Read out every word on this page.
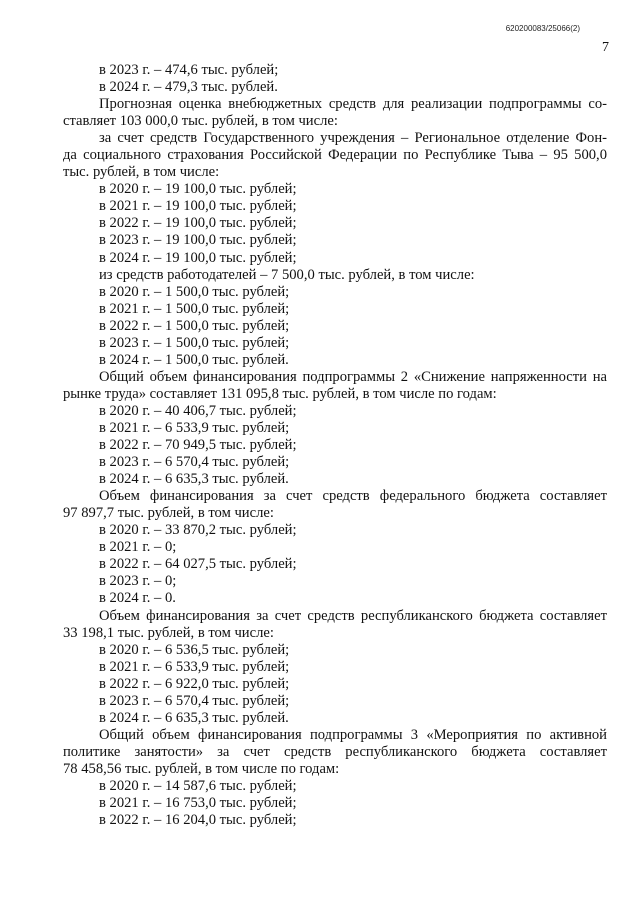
620200083/25066(2)
7
в 2023 г. – 474,6 тыс. рублей;
в 2024 г. – 479,3 тыс. рублей.
Прогнозная оценка внебюджетных средств для реализации подпрограммы со-
ставляет 103 000,0 тыс. рублей, в том числе:
за счет средств Государственного учреждения – Региональное отделение Фон-
да социального страхования Российской Федерации по Республике Тыва – 95 500,0
тыс. рублей, в том числе:
в 2020 г. – 19 100,0 тыс. рублей;
в 2021 г. – 19 100,0 тыс. рублей;
в 2022 г. – 19 100,0 тыс. рублей;
в 2023 г. – 19 100,0 тыс. рублей;
в 2024 г. – 19 100,0 тыс. рублей;
из средств работодателей – 7 500,0 тыс. рублей, в том числе:
в 2020 г. – 1 500,0 тыс. рублей;
в 2021 г. – 1 500,0 тыс. рублей;
в 2022 г. – 1 500,0 тыс. рублей;
в 2023 г. – 1 500,0 тыс. рублей;
в 2024 г. – 1 500,0 тыс. рублей.
Общий объем финансирования подпрограммы 2 «Снижение напряженности на
рынке труда» составляет 131 095,8 тыс. рублей, в том числе по годам:
в 2020 г. – 40 406,7 тыс. рублей;
в 2021 г. – 6 533,9 тыс. рублей;
в 2022 г. – 70 949,5 тыс. рублей;
в 2023 г. – 6 570,4 тыс. рублей;
в 2024 г. – 6 635,3 тыс. рублей.
Объем финансирования за счет средств федерального бюджета составляет
97 897,7 тыс. рублей, в том числе:
в 2020 г. – 33 870,2 тыс. рублей;
в 2021 г. – 0;
в 2022 г. – 64 027,5 тыс. рублей;
в 2023 г. – 0;
в 2024 г. – 0.
Объем финансирования за счет средств республиканского бюджета составляет
33 198,1 тыс. рублей, в том числе:
в 2020 г. – 6 536,5 тыс. рублей;
в 2021 г. – 6 533,9 тыс. рублей;
в 2022 г. – 6 922,0 тыс. рублей;
в 2023 г. – 6 570,4 тыс. рублей;
в 2024 г. – 6 635,3 тыс. рублей.
Общий объем финансирования подпрограммы 3 «Мероприятия по активной
политике занятости» за счет средств республиканского бюджета составляет
78 458,56 тыс. рублей, в том числе по годам:
в 2020 г. – 14 587,6 тыс. рублей;
в 2021 г. – 16 753,0 тыс. рублей;
в 2022 г. – 16 204,0 тыс. рублей;
